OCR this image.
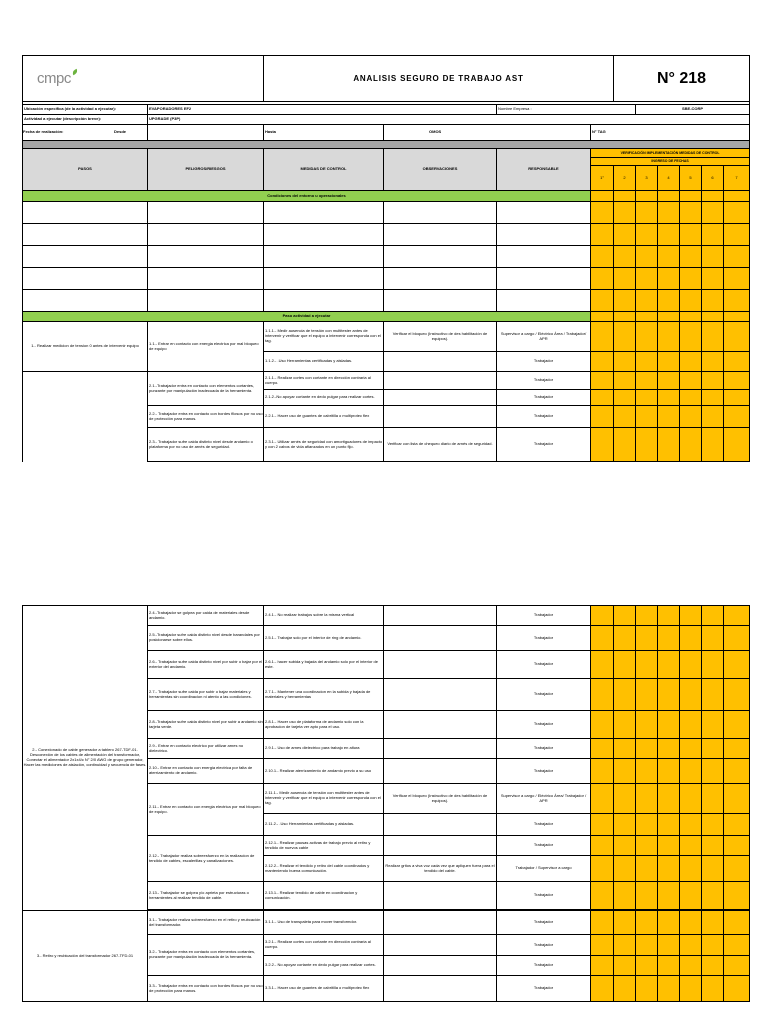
cmpc		ANALISIS SEGURO DE TRABAJO AST				N° 218					

Ubicación especifica (de la actividad a ejecutar):	EVAPORADORES EF2			Nombre Empresa :			SBE-CORP				
Actividad a ejecutar (descripción breve):	UPGRADE (P3P)										
Fecha de realización: Desde		Hasta	OMOS		N° TAG						

PASOS	PELIGROS/RIESGOS	MEDIDAS DE CONTROL	OBSERVACIONES	RESPONSABLE	VERIFICACIÓN IMPLEMENTACIÓN MEDIDAS DE CONTROL						
					INGRESO DE FECHAS						
					1°	2	3	4	5	6	7
Condiciones del entorno u operacionales											

Paso actividad a ejecutar											
1.- Realizar medicion de tension 0 antes de intervenir equipo	1.1.- Entrar en contacto con energia electrica por mal bloqueo de equipo	1.1.1.- Medir ausencia de tensión con multitester antes de intervenir y verificar que el equipo a intervenir corresponda con el tag.	Verificar el bloqueo (Instructivo de des habilitación de equipos).	Supervisor a cargo / Eléctrico Área / Trabajador/ APR							
		1.1.2.- .Uso Herramientas certificadas y aisladas.		Trabajador							
	2.1.-Trabajador entra en contacto con elementos cortantes, punzante por manipulación inadecuada de la herramienta.	2.1.1.- Realizar cortes con cortante en dirección contraria al cuerpo.		Trabajador							
		2.1.2.-No apoyar cortante en dedo pulgar para realizar cortes.		Trabajador							
	2.2.- Trabajador entra en contacto con bordes filosos por no uso de protección para manos.	2.2.1.- Hacer uso de guantes de cabritilla o multiprotec flex		Trabajador							
	2.3.- Trabajador sufre caida distinto nivel desde andamio o plataforma por no uso de arnés de seguridad.	2.3.1.- Utilizar arnés de seguridad con amortiguadores de impacto y con 2 cabos de vida afianzados en un punto fijo.	Verificar con lista de chequeo diario de arnés de seguridad.	Trabajador							
2.- Conexionado de cable generador a tablero 267-TDF-01. Desconexión de los cables de alimentación del transformador, Conectar el alimentador 2x1x4/c N° 2/0 AWG de grupo generador, Hacer las mediciones de aislación, continuidad y secuencia de fases.	2.4.-Trabajador se golpea por caida de materiales desde andamio.	2.4.1.- No realizar trabajos sobre la misma vertical		Trabajador							
	2.5.-Trabajador sufre caida distinto nivel desde barandales por posicionarse sobre ellos.	2.5.1.- Trabajar solo por el interior de ring de andamio.		Trabajador							
	2.6.- Trabajador sufre caida distinto nivel por subir o bajar por el exterior del andamio.	2.6.1.- hacer subida y bajada del andamio solo por el interior de este.		Trabajador							
	2.7.- Trabajador sufre caida por subir o bajar materiales y herramientas sin coordinacion ni atento a las condiciones.	2.7.1.- Mantener una coordinacion en la subida y bajada de materiales y herramientas		Trabajador							
	2.8.-Trabajador sufre caida distinto nivel por subir a andamio sin tarjeta verde.	2.8.1.- Hacer uso de plataforma de andamio solo con la aprobacion de tarjeta ver apto para el uso.		Trabajador							
	2.9.- Entrar en contacto electrico por utilizar arnes no dielectrico.	2.9.1.- Uso de arnes dielectrico para trabajo en altura		Trabajador							
	2.10.- Entrar en contacto con energia electrica por falta de aterrizamiento de andamio.	2.10.1.- Realizar aterrizamiento de andamio previo a su uso		Trabajador							
	2.11.- Entrar en contacto con energia electrica por mal bloqueo de equipo.	2.11.1.- Medir ausencia de tensión con multitester antes de intervenir y verificar que el equipo a intervenir corresponda con el tag.	Verificar el bloqueo (Instructivo de des habilitación de equipos).	Supervisor a cargo / Eléctrico Área/ Trabajador / APR							
		2.11.2.- .Uso Herramientas certificadas y aisladas.		Trabajador							
	2.12.- Trabajador realiza sobreesfuerzo en la realizacion de tendido de cables, escalerillas y canalizaciones.	2.12.1.- Realizar pausas activas de trabajo previo al retiro y tendido de nuevos cable		Trabajador							
		2.12.2.- Realizar el tendido y retiro del cable coordinados y manteniendo buena comunicación.	Realizar gritos a viva voz cada vez que apliquen fuera para el tendido del cable.	Trabajador / Supervisor a cargo							
	2.13.- Trabajador se golpea y/o aprieta por estructuras o herramientes al realizar tendido de cable.	2.13.1.- Realizar tendido de cable en coordinacion y comunicación.		Trabajador							

3.- Retiro y reubicación del transformador 267-TFD-01	3.1.- Trabajador realiza sobreesfuerzo en el retiro y reubcación del transformador.	3.1.1.- Uso de transpaleta para mover transformdor.		Trabajador							
	3.2.- Trabajador entra en contacto con elementos cortantes, punzante por manipulación inadecuada de la herramienta.	3.2.1.- Realizar cortes con cortante en dirección contraria al cuerpo.		Trabajador							
		3.2.2.- No apoyar cortante en dedo pulgar para realizar cortes.		Trabajador							
	3.3.- Trabajador entra en contacto con bordes filosos por no uso de protección para manos.	3.3.1.- Hacer uso de guantes de cabritilla o multiprotec flex		Trabajador							
